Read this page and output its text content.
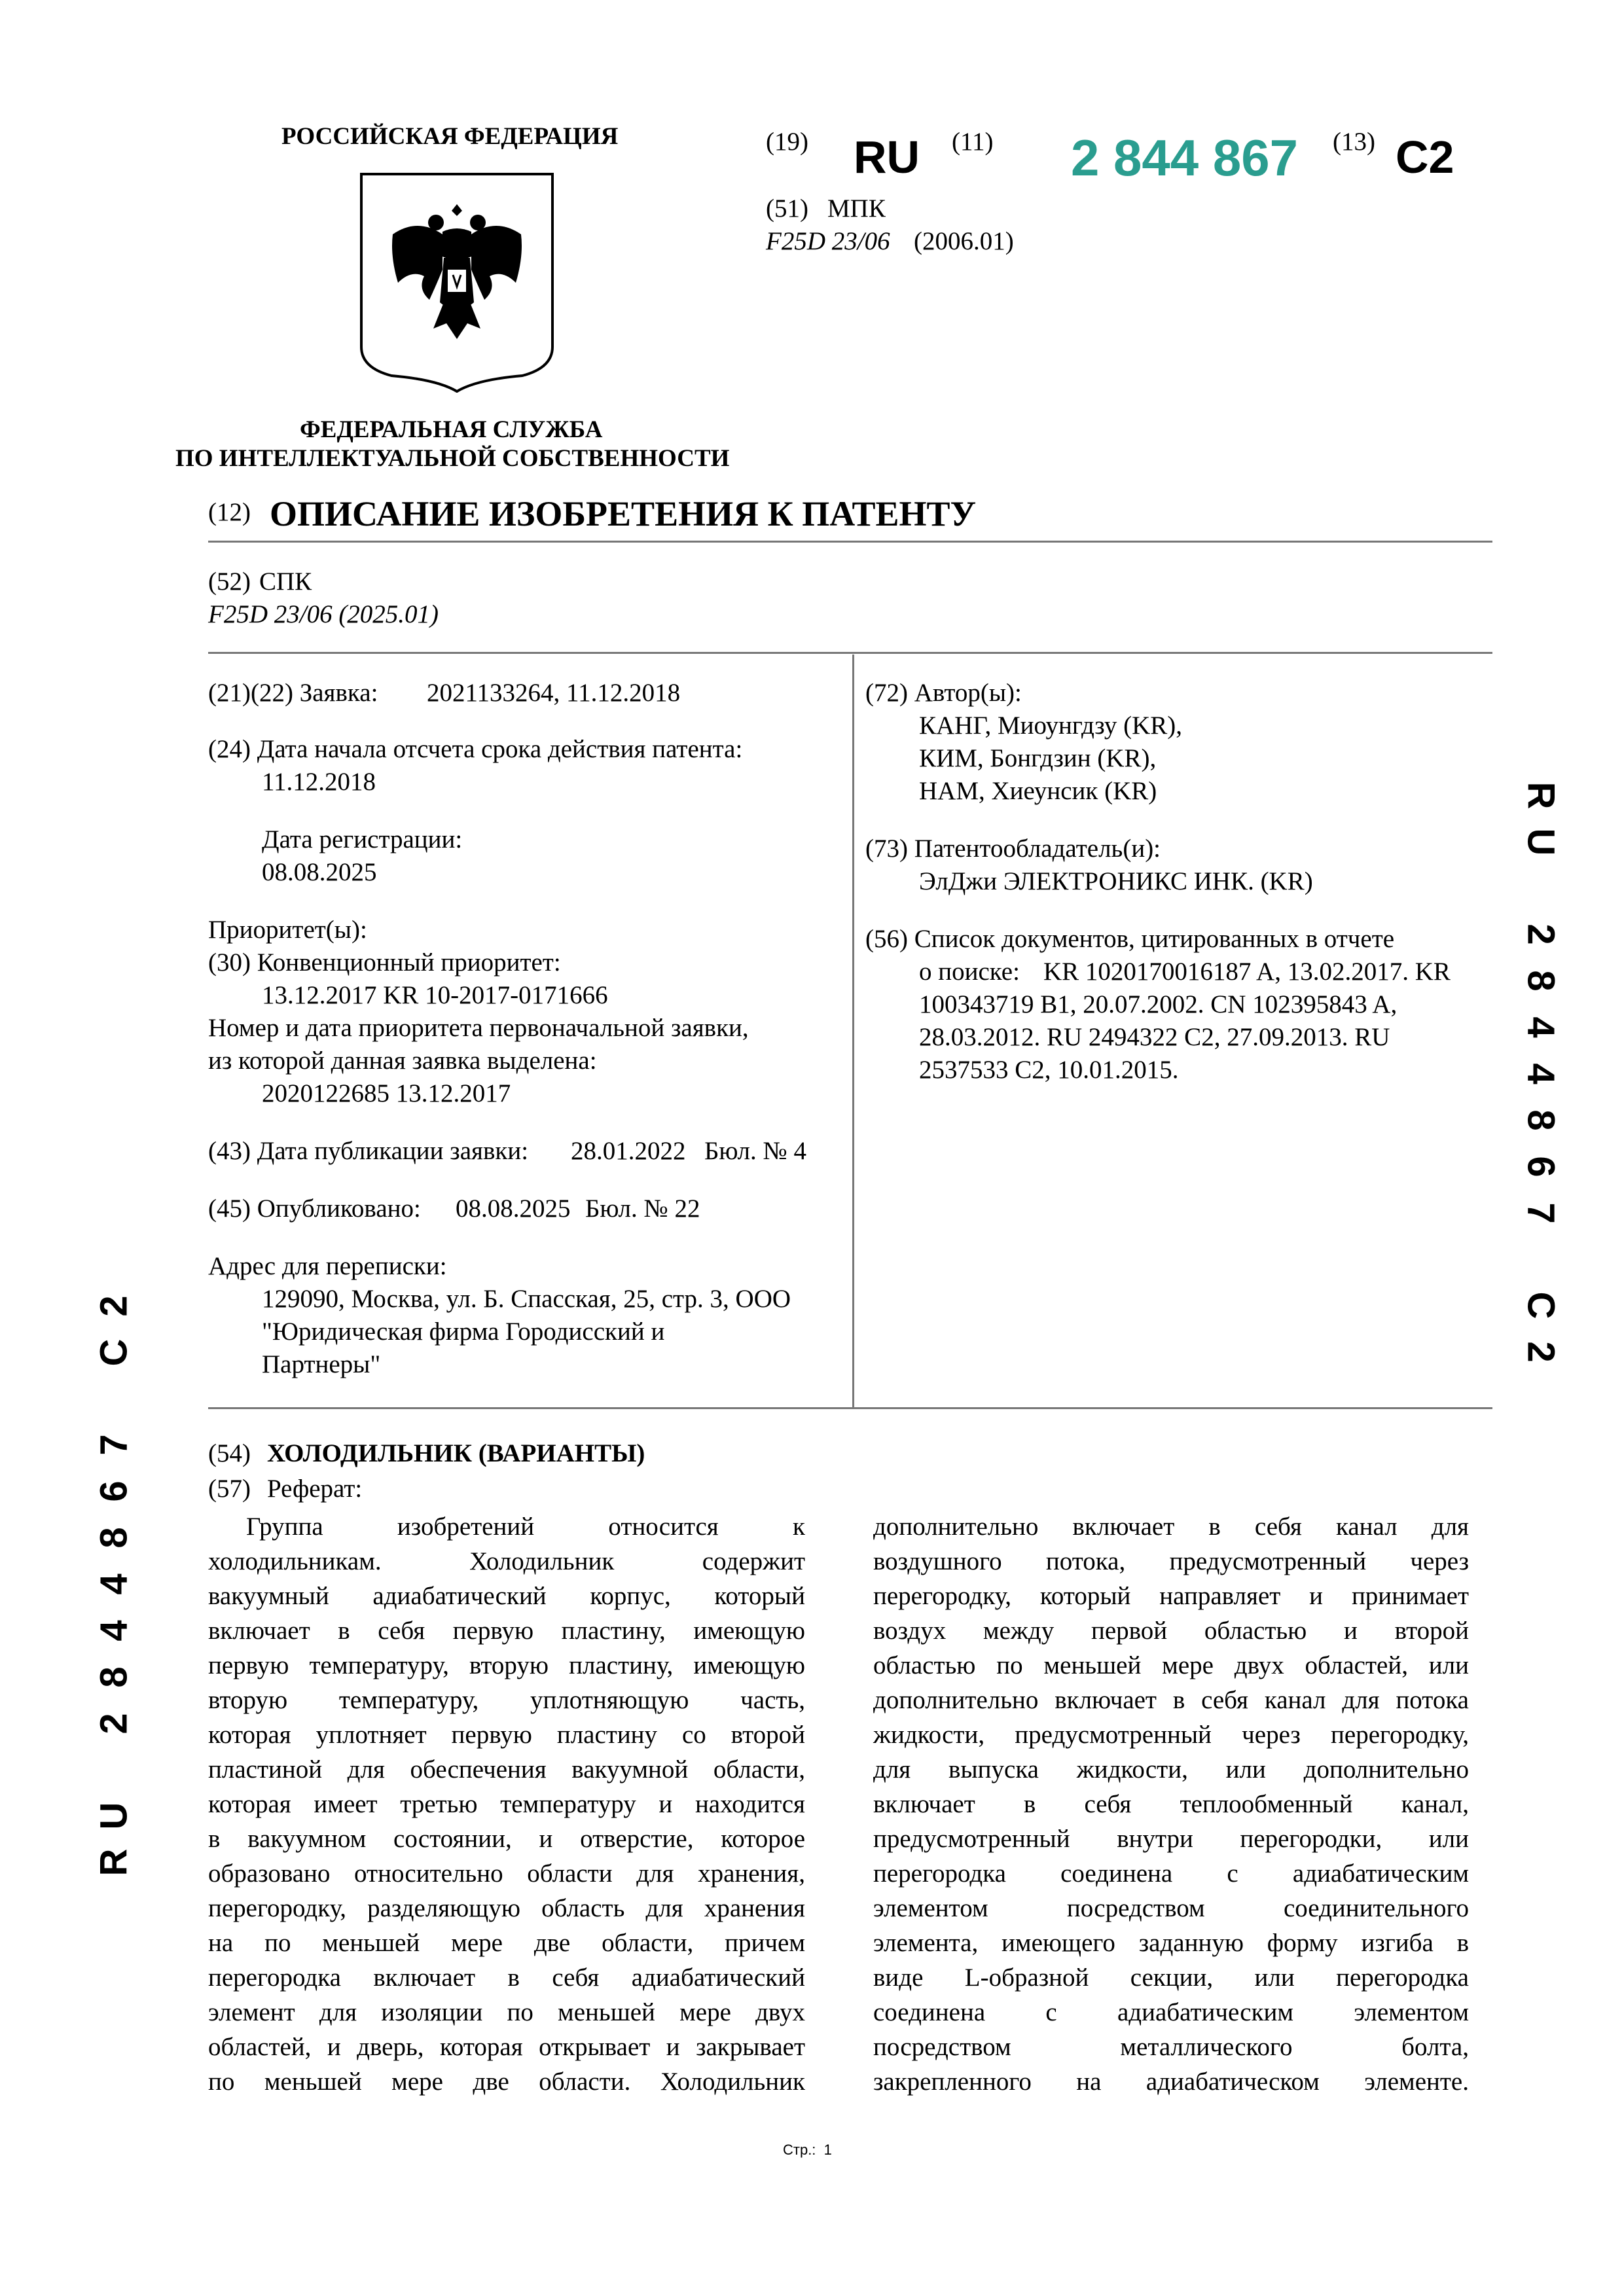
РОССИЙСКАЯ ФЕДЕРАЦИЯ
ФЕДЕРАЛЬНАЯ СЛУЖБА
ПО ИНТЕЛЛЕКТУАЛЬНОЙ СОБСТВЕННОСТИ
(19) RU (11) 2 844 867 (13) C2
(51) МПК
F25D 23/06 (2006.01)
(12) ОПИСАНИЕ ИЗОБРЕТЕНИЯ К ПАТЕНТУ
(52) СПК
F25D 23/06 (2025.01)
(21)(22) Заявка: 2021133264, 11.12.2018
(24) Дата начала отсчета срока действия патента:
11.12.2018
Дата регистрации:
08.08.2025
Приоритет(ы):
(30) Конвенционный приоритет:
13.12.2017 KR 10-2017-0171666
Номер и дата приоритета первоначальной заявки,
из которой данная заявка выделена:
2020122685 13.12.2017
(43) Дата публикации заявки: 28.01.2022 Бюл. № 4
(45) Опубликовано: 08.08.2025 Бюл. № 22
Адрес для переписки:
129090, Москва, ул. Б. Спасская, 25, стр. 3, ООО
"Юридическая фирма Городисский и
Партнеры"
(72) Автор(ы):
КАНГ, Миоунгдзу (KR),
КИМ, Бонгдзин (KR),
НАМ, Хиеунсик (KR)
(73) Патентообладатель(и):
ЭлДжи ЭЛЕКТРОНИКС ИНК. (KR)
(56) Список документов, цитированных в отчете
о поиске: KR 1020170016187 A, 13.02.2017. KR
100343719 B1, 20.07.2002. CN 102395843 A,
28.03.2012. RU 2494322 C2, 27.09.2013. RU
2537533 C2, 10.01.2015.
(54) ХОЛОДИЛЬНИК (ВАРИАНТЫ)
(57) Реферат:
Группа изобретений относится к
холодильникам. Холодильник содержит
вакуумный адиабатический корпус, который
включает в себя первую пластину, имеющую
первую температуру, вторую пластину, имеющую
вторую температуру, уплотняющую часть,
которая уплотняет первую пластину со второй
пластиной для обеспечения вакуумной области,
которая имеет третью температуру и находится
в вакуумном состоянии, и отверстие, которое
образовано относительно области для хранения,
перегородку, разделяющую область для хранения
на по меньшей мере две области, причем
перегородка включает в себя адиабатический
элемент для изоляции по меньшей мере двух
областей, и дверь, которая открывает и закрывает
по меньшей мере две области. Холодильник
дополнительно включает в себя канал для
воздушного потока, предусмотренный через
перегородку, который направляет и принимает
воздух между первой областью и второй
областью по меньшей мере двух областей, или
дополнительно включает в себя канал для потока
жидкости, предусмотренный через перегородку,
для выпуска жидкости, или дополнительно
включает в себя теплообменный канал,
предусмотренный внутри перегородки, или
перегородка соединена с адиабатическим
элементом посредством соединительного
элемента, имеющего заданную форму изгиба в
виде L-образной секции, или перегородка
соединена с адиабатическим элементом
посредством металлического болта,
закрепленного на адиабатическом элементе.
2
C
7
6
8
4
4
8
2
U
R
R
U
2
8
4
4
8
6
7
C
2
Стр.: 1
